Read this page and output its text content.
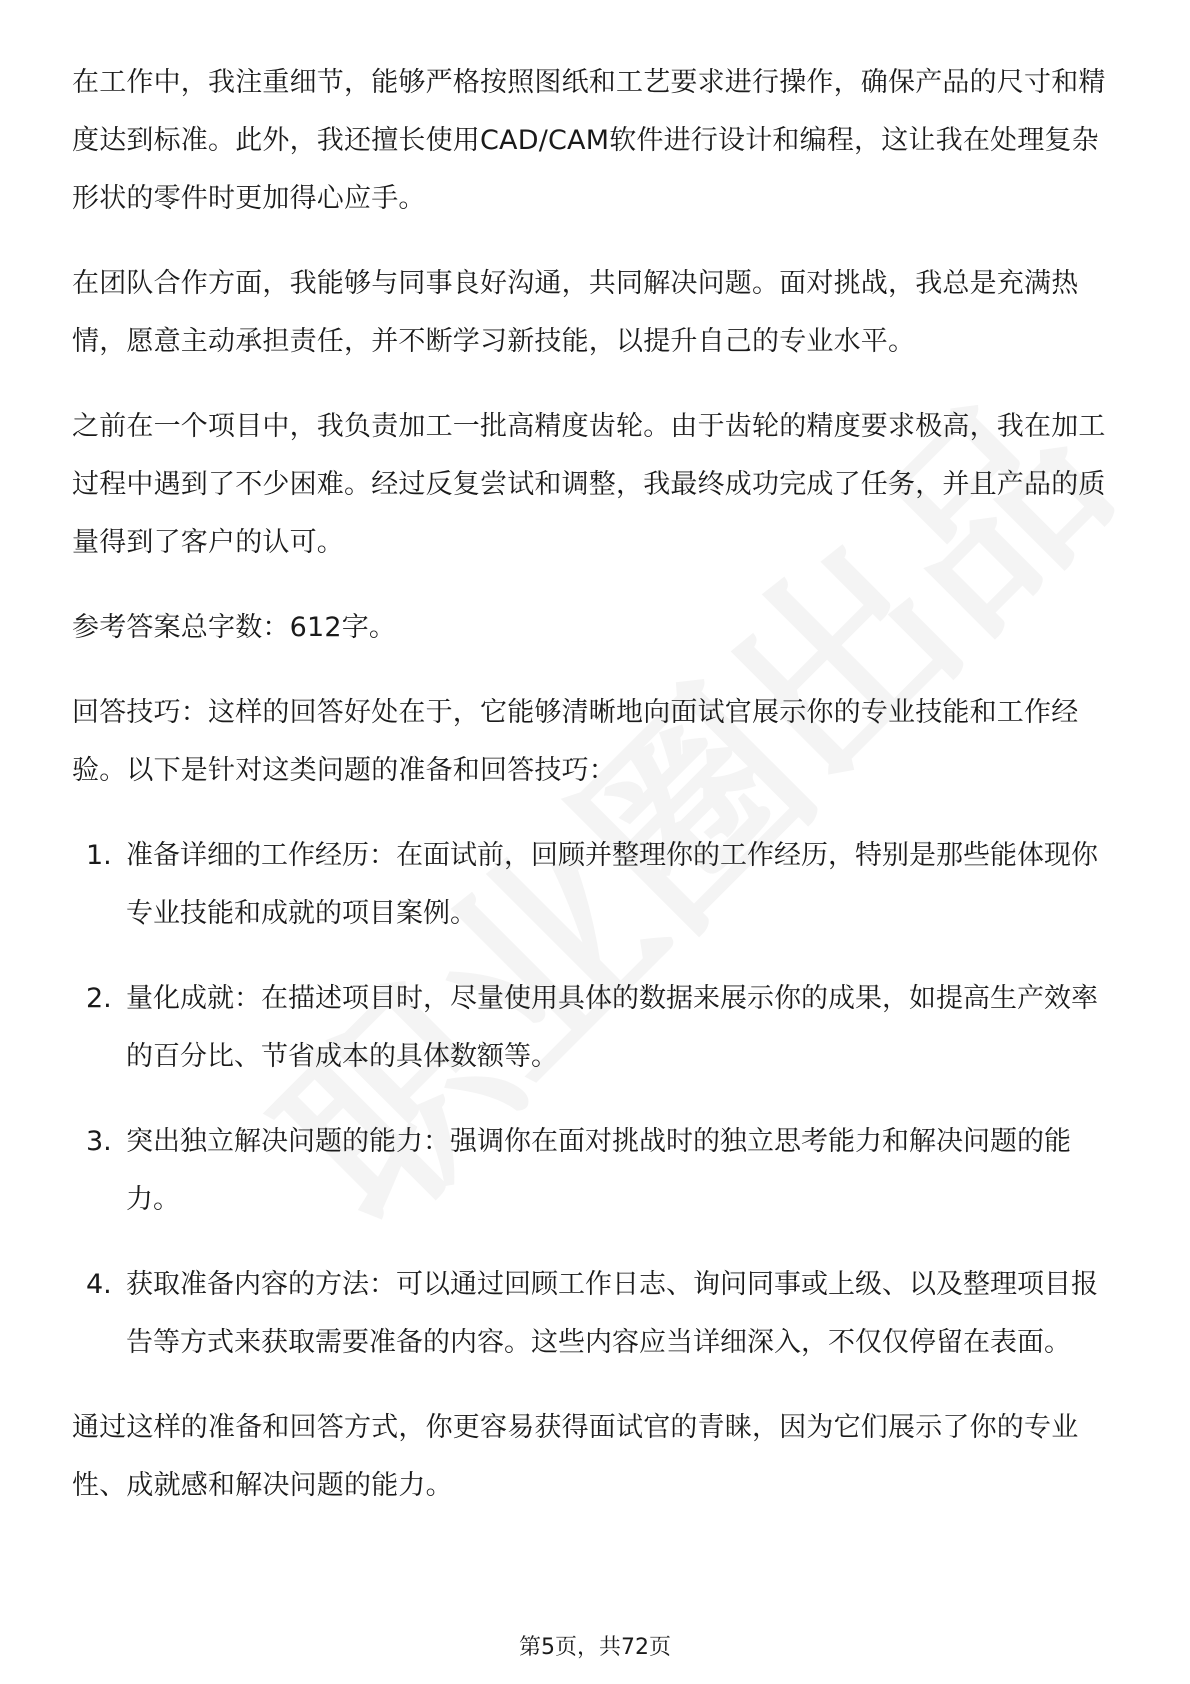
在工作中，我注重细节，能够严格按照图纸和工艺要求进行操作，确保产品的尺寸和精度达到标准。此外，我还擅长使用CAD/CAM软件进行设计和编程，这让我在处理复杂形状的零件时更加得心应手。

在团队合作方面，我能够与同事良好沟通，共同解决问题。面对挑战，我总是充满热情，愿意主动承担责任，并不断学习新技能，以提升自己的专业水平。

之前在一个项目中，我负责加工一批高精度齿轮。由于齿轮的精度要求极高，我在加工过程中遇到了不少困难。经过反复尝试和调整，我最终成功完成了任务，并且产品的质量得到了客户的认可。

参考答案总字数：612字。

回答技巧：这样的回答好处在于，它能够清晰地向面试官展示你的专业技能和工作经验。以下是针对这类问题的准备和回答技巧：

1. 准备详细的工作经历：在面试前，回顾并整理你的工作经历，特别是那些能体现你专业技能和成就的项目案例。
2. 量化成就：在描述项目时，尽量使用具体的数据来展示你的成果，如提高生产效率的百分比、节省成本的具体数额等。
3. 突出独立解决问题的能力：强调你在面对挑战时的独立思考能力和解决问题的能力。
4. 获取准备内容的方法：可以通过回顾工作日志、询问同事或上级、以及整理项目报告等方式来获取需要准备的内容。这些内容应当详细深入，不仅仅停留在表面。

通过这样的准备和回答方式，你更容易获得面试官的青睐，因为它们展示了你的专业性、成就感和解决问题的能力。

第5页，共72页
